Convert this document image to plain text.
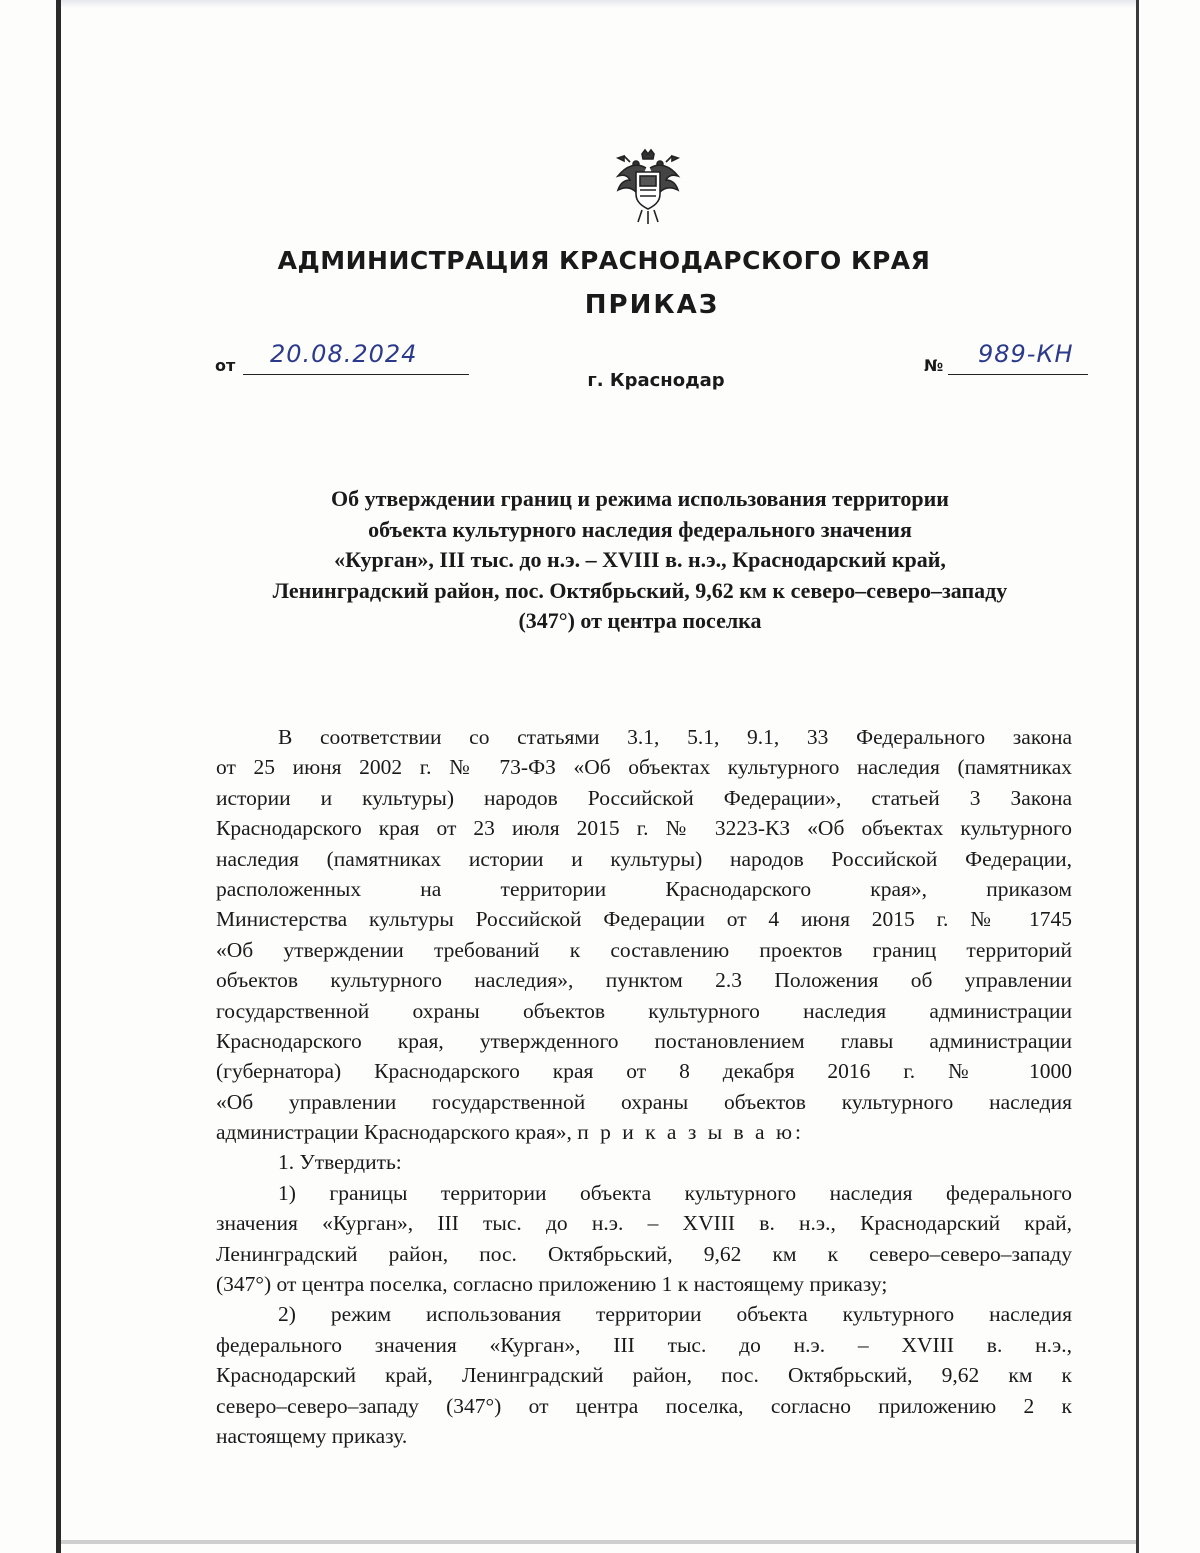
АДМИНИСТРАЦИЯ КРАСНОДАРСКОГО КРАЯ
ПРИКАЗ
от 20.08.2024
г. Краснодар
№ 989-КН
Об утверждении границ и режима использования территории
объекта культурного наследия федерального значения
«Курган», III тыс. до н.э. – XVIII в. н.э., Краснодарский край,
Ленинградский район, пос. Октябрьский, 9,62 км к северо–северо–западу
(347°) от центра поселка
В соответствии со статьями 3.1, 5.1, 9.1, 33 Федерального закона
от 25 июня 2002 г. № 73-ФЗ «Об объектах культурного наследия (памятниках
истории и культуры) народов Российской Федерации», статьей 3 Закона
Краснодарского края от 23 июля 2015 г. № 3223-КЗ «Об объектах культурного
наследия (памятниках истории и культуры) народов Российской Федерации,
расположенных на территории Краснодарского края», приказом
Министерства культуры Российской Федерации от 4 июня 2015 г. № 1745
«Об утверждении требований к составлению проектов границ территорий
объектов культурного наследия», пунктом 2.3 Положения об управлении
государственной охраны объектов культурного наследия администрации
Краснодарского края, утвержденного постановлением главы администрации
(губернатора) Краснодарского края от 8 декабря 2016 г. № 1000
«Об управлении государственной охраны объектов культурного наследия
администрации Краснодарского края», п р и к а з ы в а ю:
1. Утвердить:
1) границы территории объекта культурного наследия федерального
значения «Курган», III тыс. до н.э. – XVIII в. н.э., Краснодарский край,
Ленинградский район, пос. Октябрьский, 9,62 км к северо–северо–западу
(347°) от центра поселка, согласно приложению 1 к настоящему приказу;
2) режим использования территории объекта культурного наследия
федерального значения «Курган», III тыс. до н.э. – XVIII в. н.э.,
Краснодарский край, Ленинградский район, пос. Октябрьский, 9,62 км к
северо–северо–западу (347°) от центра поселка, согласно приложению 2 к
настоящему приказу.
